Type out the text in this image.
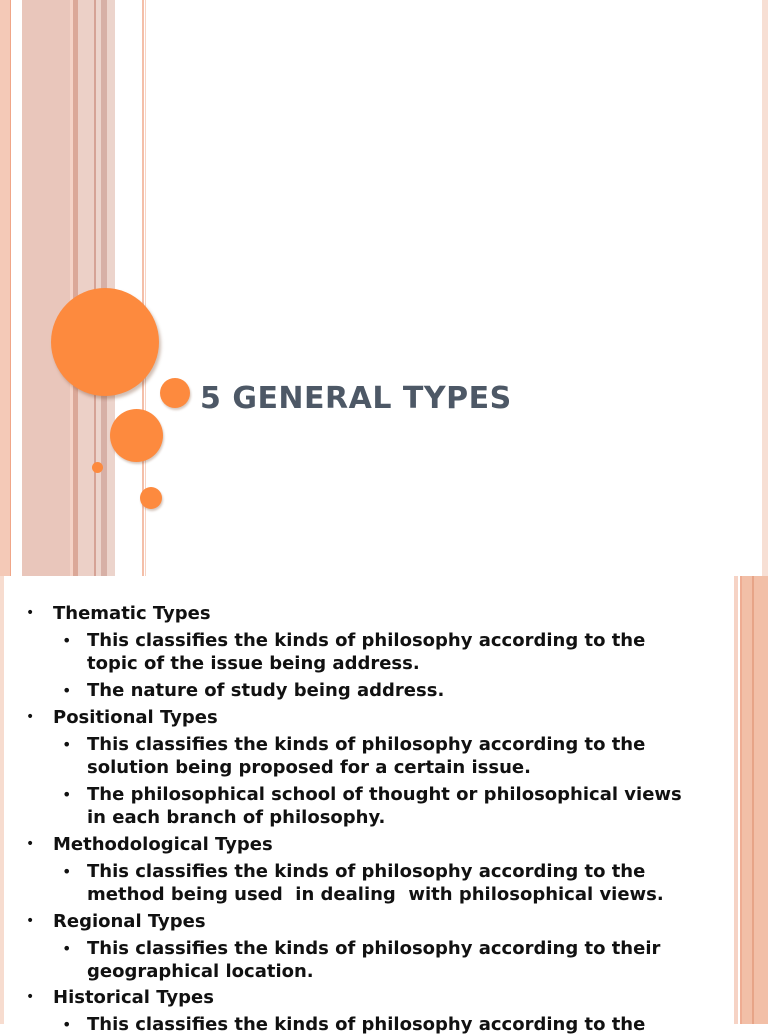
5 GENERAL TYPES
• Thematic Types
• This classifies the kinds of philosophy according to the
topic of the issue being address.
• The nature of study being address.
• Positional Types
• This classifies the kinds of philosophy according to the
solution being proposed for a certain issue.
• The philosophical school of thought or philosophical views
in each branch of philosophy.
• Methodological Types
• This classifies the kinds of philosophy according to the
method being used  in dealing  with philosophical views.
• Regional Types
• This classifies the kinds of philosophy according to their
geographical location.
• Historical Types
• This classifies the kinds of philosophy according to the
